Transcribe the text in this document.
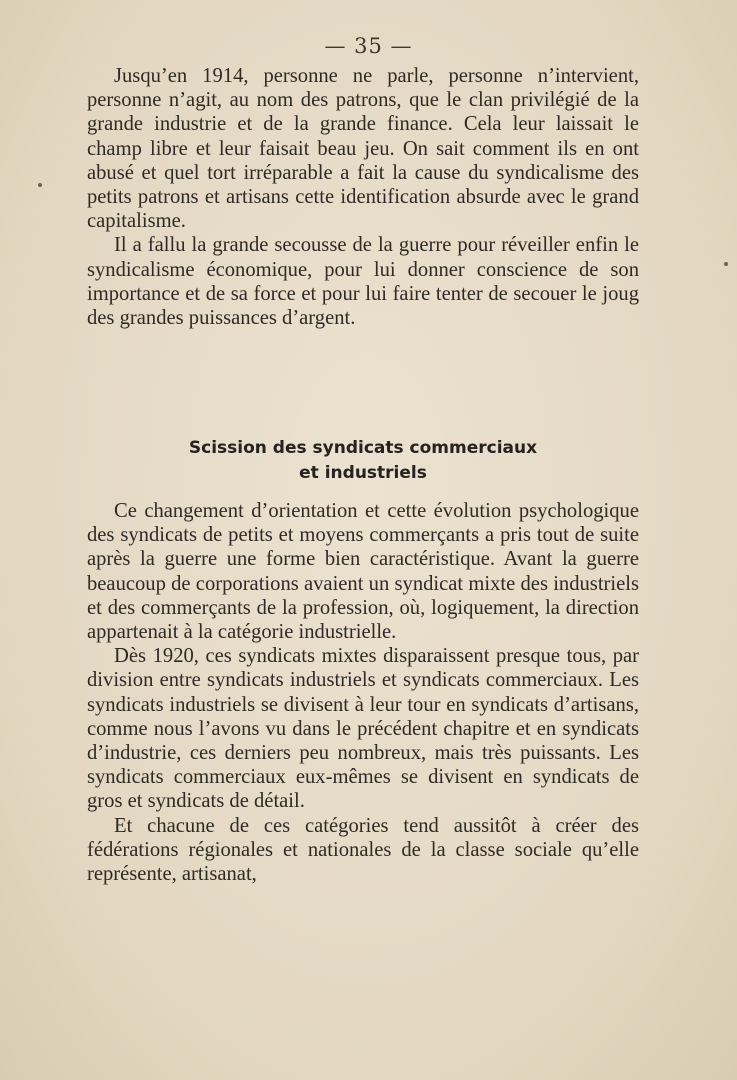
— 35 —

Jusqu’en 1914, personne ne parle, personne n’intervient, personne n’agit, au nom des patrons, que le clan privilégié de la grande industrie et de la grande finance. Cela leur laissait le champ libre et leur faisait beau jeu. On sait comment ils en ont abusé et quel tort irréparable a fait la cause du syndicalisme des petits patrons et artisans cette identification absurde avec le grand capitalisme.

Il a fallu la grande secousse de la guerre pour réveiller enfin le syndicalisme économique, pour lui donner conscience de son importance et de sa force et pour lui faire tenter de secouer le joug des grandes puissances d’argent.

Scission des syndicats commerciaux
et industriels

Ce changement d’orientation et cette évolution psychologique des syndicats de petits et moyens commerçants a pris tout de suite après la guerre une forme bien caractéristique. Avant la guerre beaucoup de corporations avaient un syndicat mixte des industriels et des commerçants de la profession, où, logiquement, la direction appartenait à la catégorie industrielle.

Dès 1920, ces syndicats mixtes disparaissent presque tous, par division entre syndicats industriels et syndicats commerciaux. Les syndicats industriels se divisent à leur tour en syndicats d’artisans, comme nous l’avons vu dans le précédent chapitre et en syndicats d’industrie, ces derniers peu nombreux, mais très puissants. Les syndicats commerciaux eux-mêmes se divisent en syndicats de gros et syndicats de détail.

Et chacune de ces catégories tend aussitôt à créer des fédérations régionales et nationales de la classe sociale qu’elle représente, artisanat,
